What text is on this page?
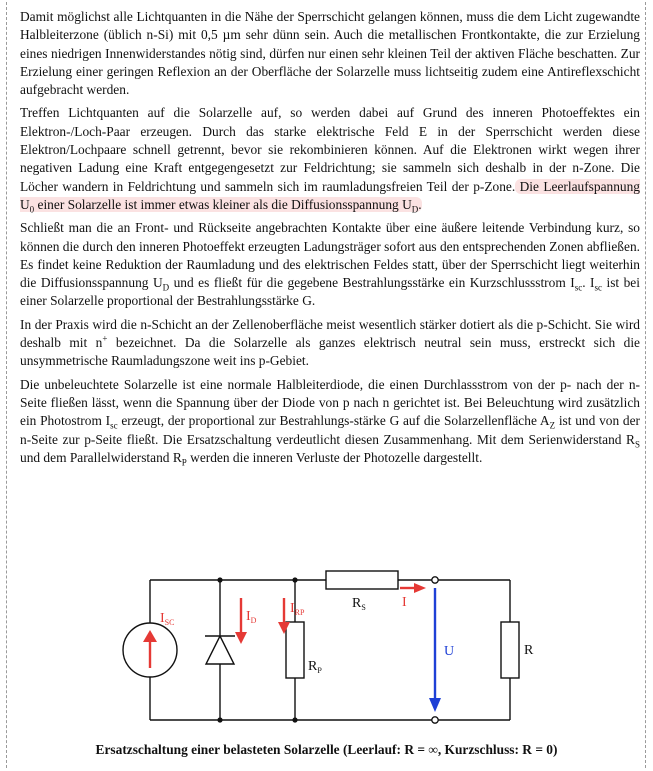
Damit möglichst alle Lichtquanten in die Nähe der Sperrschicht gelangen können, muss die dem Licht zugewandte Halbleiterzone (üblich n-Si) mit 0,5 µm sehr dünn sein. Auch die metallischen Frontkontakte, die zur Erzielung eines niedrigen Innenwiderstandes nötig sind, dürfen nur einen sehr kleinen Teil der aktiven Fläche beschatten. Zur Erzielung einer geringen Reflexion an der Oberfläche der Solarzelle muss lichtseitig zudem eine Antireflexschicht aufgebracht werden.

Treffen Lichtquanten auf die Solarzelle auf, so werden dabei auf Grund des inneren Photoeffektes ein Elektron-/Loch-Paar erzeugen. Durch das starke elektrische Feld E in der Sperrschicht werden diese Elektron/Lochpaare schnell getrennt, bevor sie rekombinieren können. Auf die Elektronen wirkt wegen ihrer negativen Ladung eine Kraft entgegengesetzt zur Feldrichtung; sie sammeln sich deshalb in der n-Zone. Die Löcher wandern in Feldrichtung und sammeln sich im raumladungsfreien Teil der p-Zone. Die Leerlaufspannung $U_0$ einer Solarzelle ist immer etwas kleiner als die Diffusionsspannung $U_D$.

Schließt man die an Front- und Rückseite angebrachten Kontakte über eine äußere leitende Verbindung kurz, so können die durch den inneren Photoeffekt erzeugten Ladungsträger sofort aus den entsprechenden Zonen abfließen. Es findet keine Reduktion der Raumladung und des elektrischen Feldes statt, über der Sperrschicht liegt weiterhin die Diffusionsspannung $U_D$ und es fließt für die gegebene Bestrahlungsstärke ein Kurzschlussstrom $I_{sc}$. $I_{sc}$ ist bei einer Solarzelle proportional der Bestrahlungsstärke G.

In der Praxis wird die n-Schicht an der Zellenoberfläche meist wesentlich stärker dotiert als die p-Schicht. Sie wird deshalb mit n+ bezeichnet. Da die Solarzelle als ganzes elektrisch neutral sein muss, erstreckt sich die unsymmetrische Raumladungszone weit ins p-Gebiet.

Die unbeleuchtete Solarzelle ist eine normale Halbleiterdiode, die einen Durchlassstrom von der p- nach der n-Seite fließen lässt, wenn die Spannung über der Diode von p nach n gerichtet ist. Bei Beleuchtung wird zusätzlich ein Photostrom $I_{sc}$ erzeugt, der proportional zur Bestrahlungs-stärke G auf die Solarzellenfläche $A_Z$ ist und von der n-Seite zur p-Seite fließt. Die Ersatzschaltung verdeutlicht diesen Zusammenhang. Mit dem Serienwiderstand $R_S$ und dem Parallelwiderstand $R_P$ werden die inneren Verluste der Photozelle dargestellt.

$I_{SC}$	$I_D$
$I_{RP}$
$R_S$	I
U	R
$R_P$
Ersatzschaltung einer belasteten Solarzelle (Leerlauf: R = ∞, Kurzschluss: R = 0)
